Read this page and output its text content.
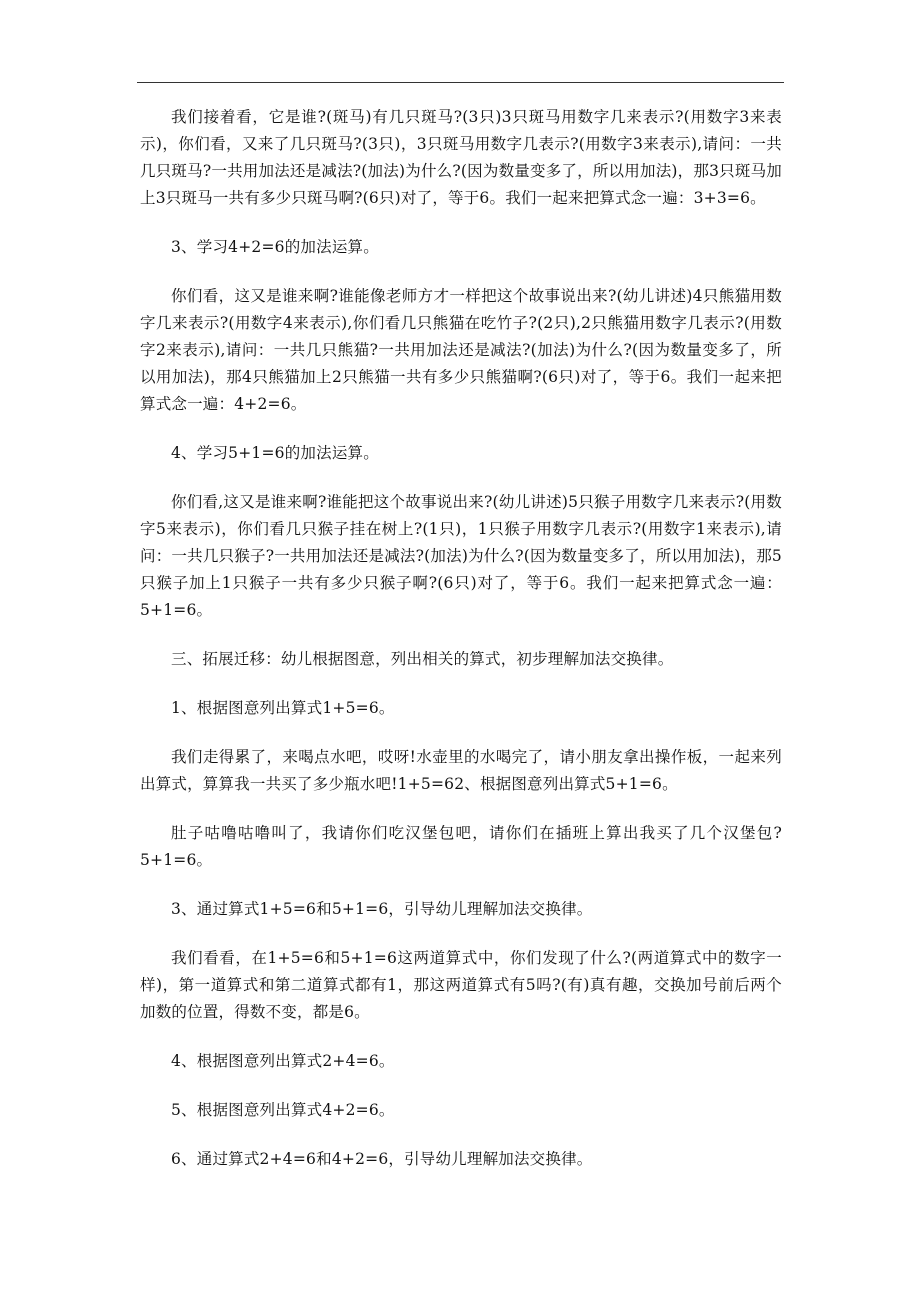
我们接着看，它是谁?(斑马)有几只斑马?(3只)3只斑马用数字几来表示?(用数字3来表示)，你们看，又来了几只斑马?(3只)，3只斑马用数字几表示?(用数字3来表示),请问：一共几只斑马?一共用加法还是减法?(加法)为什么?(因为数量变多了，所以用加法)，那3只斑马加上3只斑马一共有多少只斑马啊?(6只)对了，等于6。我们一起来把算式念一遍：3+3=6。

3、学习4+2=6的加法运算。

你们看，这又是谁来啊?谁能像老师方才一样把这个故事说出来?(幼儿讲述)4只熊猫用数字几来表示?(用数字4来表示),你们看几只熊猫在吃竹子?(2只),2只熊猫用数字几表示?(用数字2来表示),请问：一共几只熊猫?一共用加法还是减法?(加法)为什么?(因为数量变多了，所以用加法)，那4只熊猫加上2只熊猫一共有多少只熊猫啊?(6只)对了，等于6。我们一起来把算式念一遍：4+2=6。

4、学习5+1=6的加法运算。

你们看,这又是谁来啊?谁能把这个故事说出来?(幼儿讲述)5只猴子用数字几来表示?(用数字5来表示)，你们看几只猴子挂在树上?(1只)，1只猴子用数字几表示?(用数字1来表示),请问：一共几只猴子?一共用加法还是减法?(加法)为什么?(因为数量变多了，所以用加法)，那5只猴子加上1只猴子一共有多少只猴子啊?(6只)对了，等于6。我们一起来把算式念一遍：5+1=6。

三、拓展迁移：幼儿根据图意，列出相关的算式，初步理解加法交换律。

1、根据图意列出算式1+5=6。

我们走得累了，来喝点水吧，哎呀!水壶里的水喝完了，请小朋友拿出操作板，一起来列出算式，算算我一共买了多少瓶水吧!1+5=62、根据图意列出算式5+1=6。

肚子咕噜咕噜叫了，我请你们吃汉堡包吧，请你们在插班上算出我买了几个汉堡包?5+1=6。

3、通过算式1+5=6和5+1=6，引导幼儿理解加法交换律。

我们看看，在1+5=6和5+1=6这两道算式中，你们发现了什么?(两道算式中的数字一样)，第一道算式和第二道算式都有1，那这两道算式有5吗?(有)真有趣，交换加号前后两个加数的位置，得数不变，都是6。

4、根据图意列出算式2+4=6。

5、根据图意列出算式4+2=6。

6、通过算式2+4=6和4+2=6，引导幼儿理解加法交换律。
